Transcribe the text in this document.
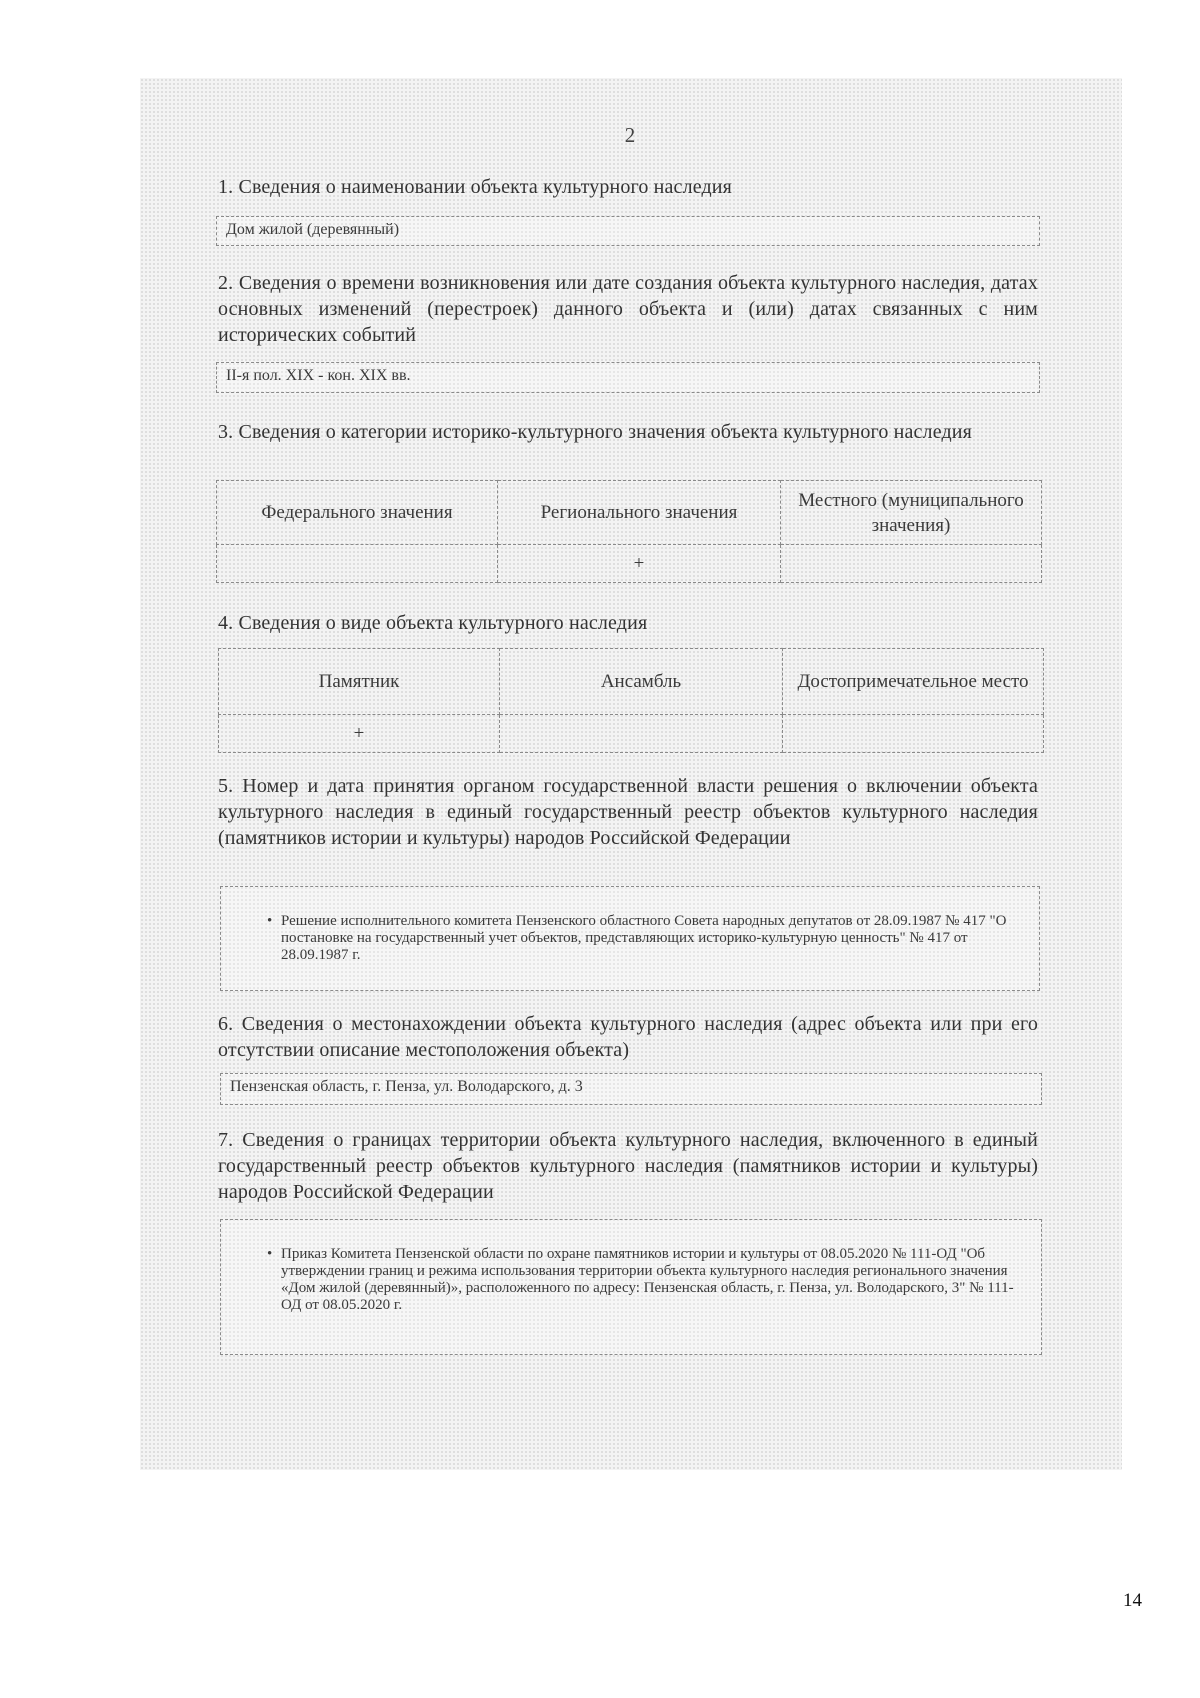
2
1. Сведения о наименовании объекта культурного наследия
Дом жилой (деревянный)
2. Сведения о времени возникновения или дате создания объекта культурного наследия, датах основных изменений (перестроек) данного объекта и (или) датах связанных с ним исторических событий
II-я пол. XIX - кон. XIX вв.
3. Сведения о категории историко-культурного значения объекта культурного наследия
Федерального значения	Регионального значения	Местного (муниципального значения)
	+	
4. Сведения о виде объекта культурного наследия
Памятник	Ансамбль	Достопримечательное место
+		
5. Номер и дата принятия органом государственной власти решения о включении объекта культурного наследия в единый государственный реестр объектов культурного наследия (памятников истории и культуры) народов Российской Федерации
• Решение исполнительного комитета Пензенского областного Совета народных депутатов от 28.09.1987 № 417 "О постановке на государственный учет объектов, представляющих историко-культурную ценность" № 417 от 28.09.1987 г.
6. Сведения о местонахождении объекта культурного наследия (адрес объекта или при его отсутствии описание местоположения объекта)
Пензенская область, г. Пенза, ул. Володарского, д. 3
7. Сведения о границах территории объекта культурного наследия, включенного в единый государственный реестр объектов культурного наследия (памятников истории и культуры) народов Российской Федерации
• Приказ Комитета Пензенской области по охране памятников истории и культуры от 08.05.2020 № 111-ОД "Об утверждении границ и режима использования территории объекта культурного наследия регионального значения «Дом жилой (деревянный)», расположенного по адресу: Пензенская область, г. Пенза, ул. Володарского, 3" № 111-ОД от 08.05.2020 г.
14
